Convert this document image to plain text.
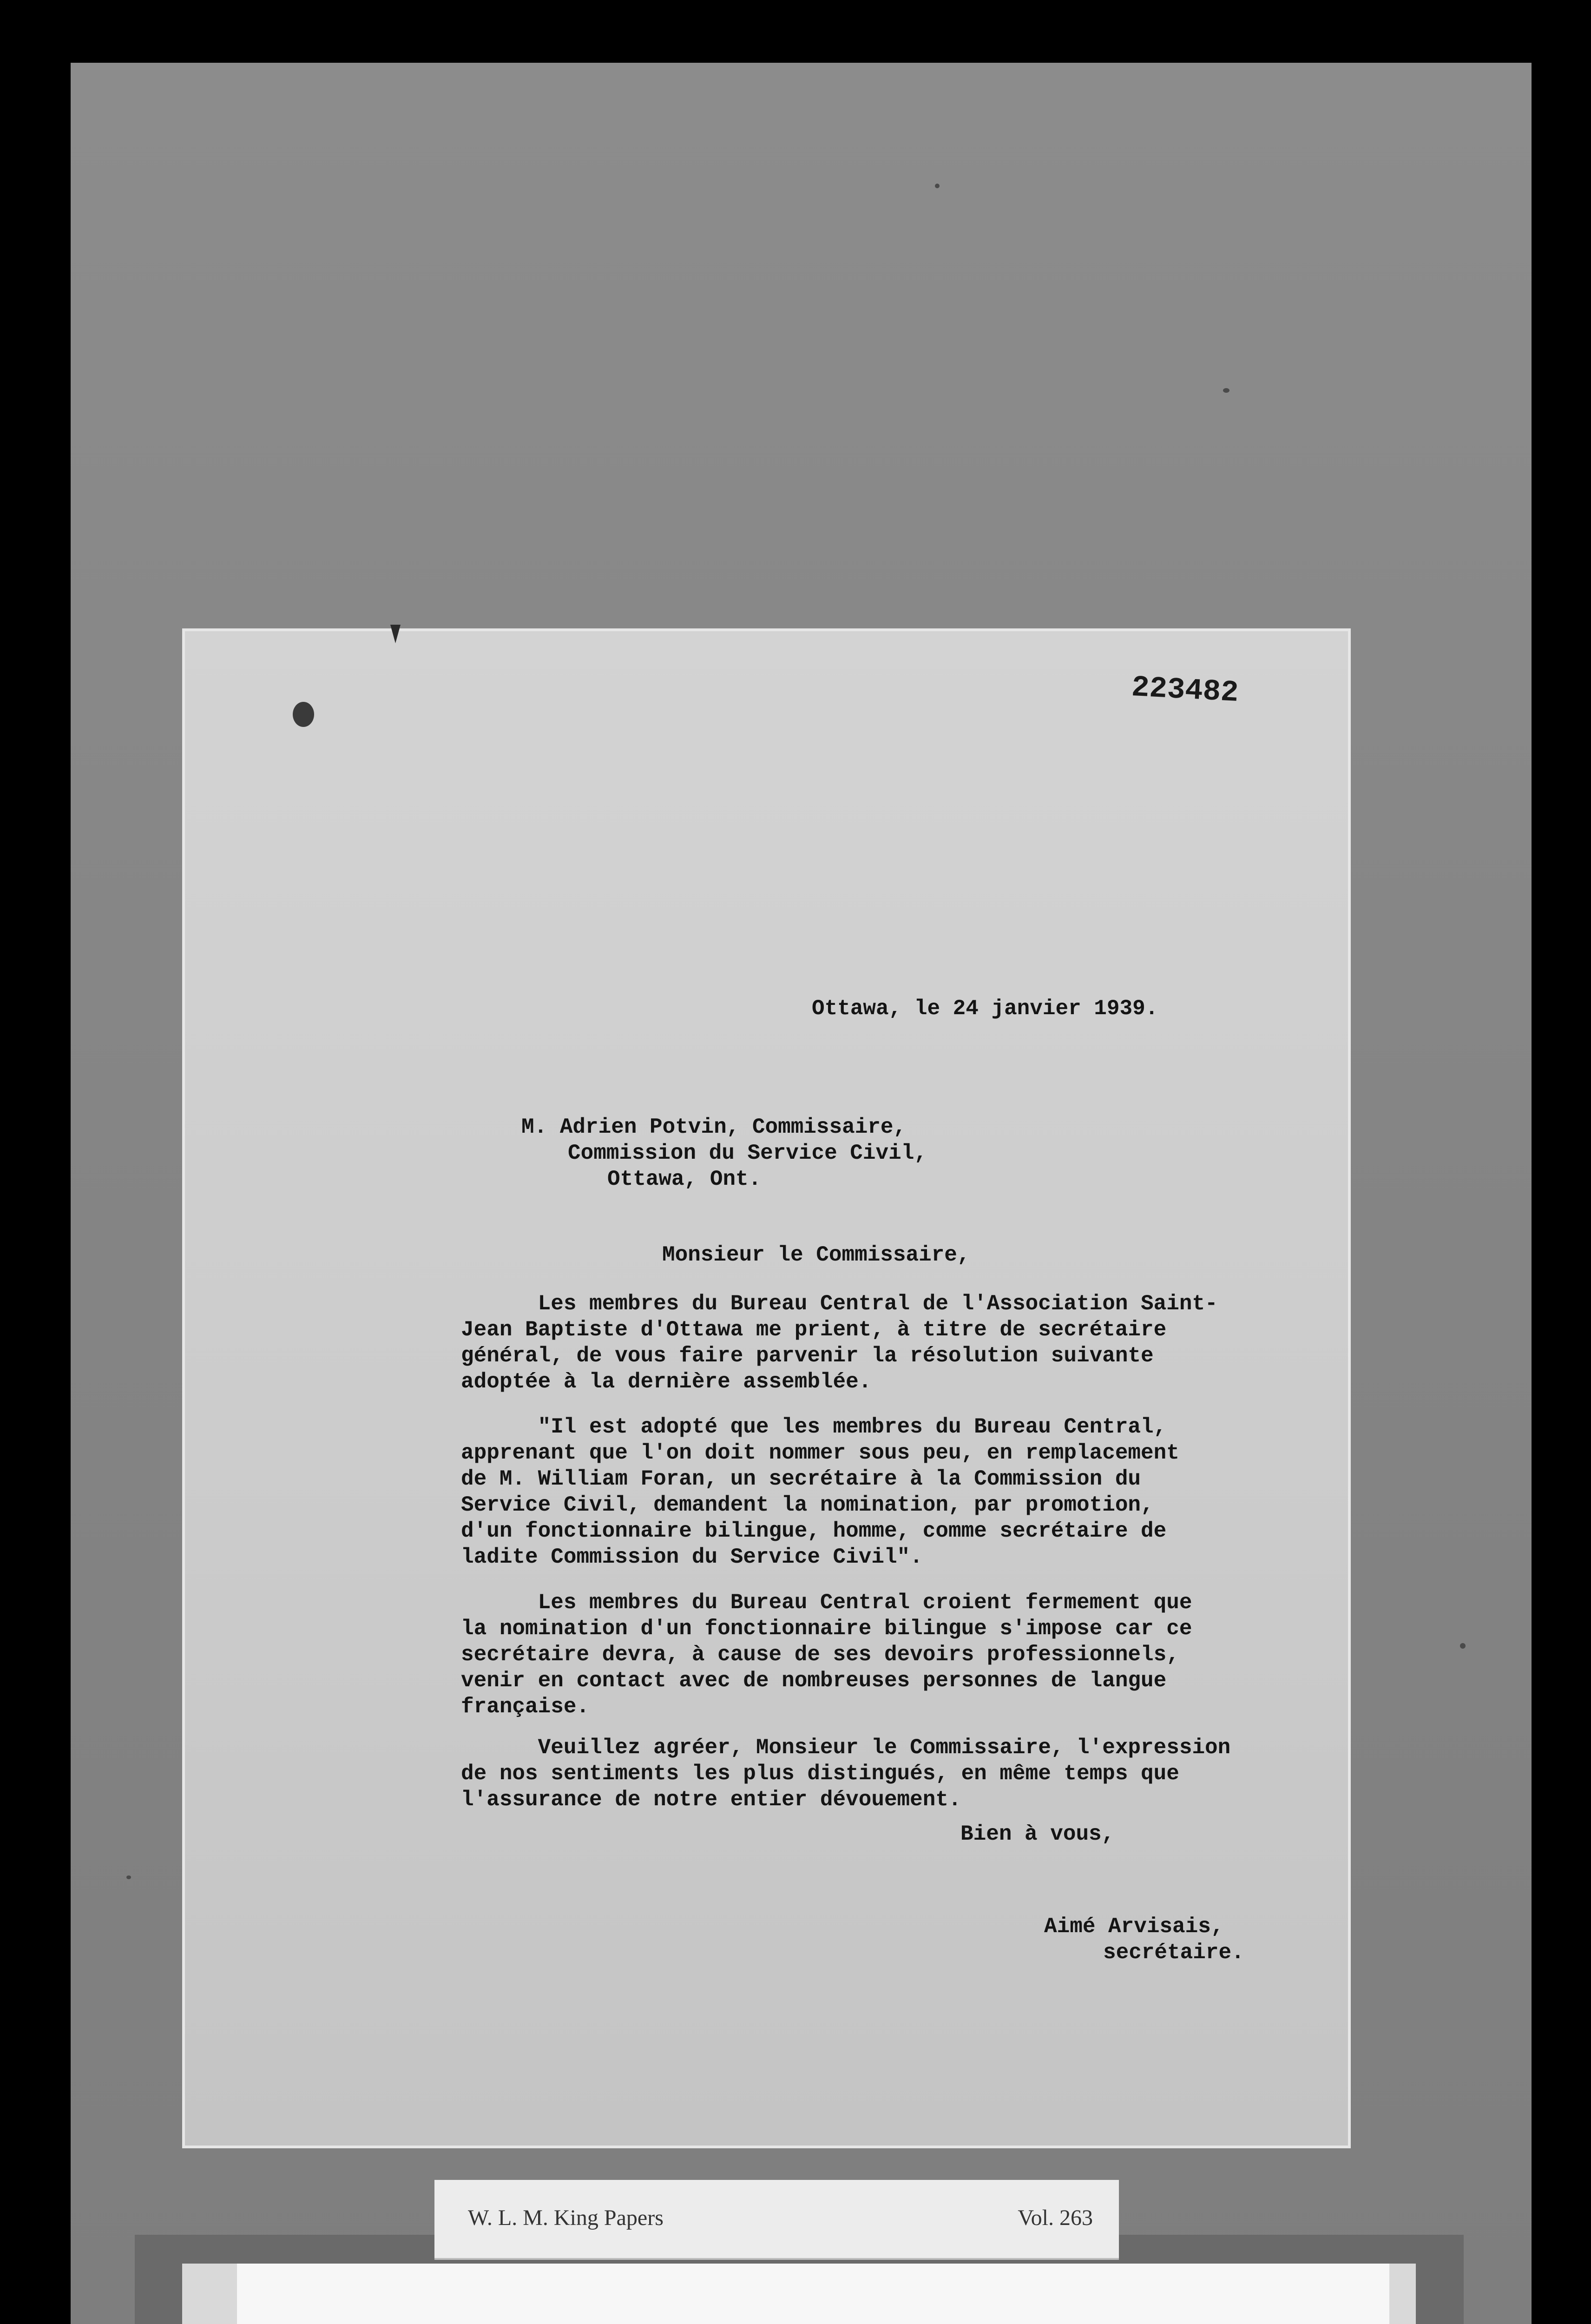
223482

Ottawa, le 24 janvier 1939.

M. Adrien Potvin, Commissaire,

Commission du Service Civil,

Ottawa, Ont.

Monsieur le Commissaire,

Les membres du Bureau Central de l'Association Saint-

Jean Baptiste d'Ottawa me prient, à titre de secrétaire

général, de vous faire parvenir la résolution suivante

adoptée à la dernière assemblée.

"Il est adopté que les membres du Bureau Central,

apprenant que l'on doit nommer sous peu, en remplacement

de M. William Foran, un secrétaire à la Commission du

Service Civil, demandent la nomination, par promotion,

d'un fonctionnaire bilingue, homme, comme secrétaire de

ladite Commission du Service Civil".

Les membres du Bureau Central croient fermement que

la nomination d'un fonctionnaire bilingue s'impose car ce

secrétaire devra, à cause de ses devoirs professionnels,

venir en contact avec de nombreuses personnes de langue

française.

Veuillez agréer, Monsieur le Commissaire, l'expression

de nos sentiments les plus distingués, en même temps que

l'assurance de notre entier dévouement.

Bien à vous,

Aimé Arvisais,

secrétaire.

W. L. M. King Papers	Vol. 263
